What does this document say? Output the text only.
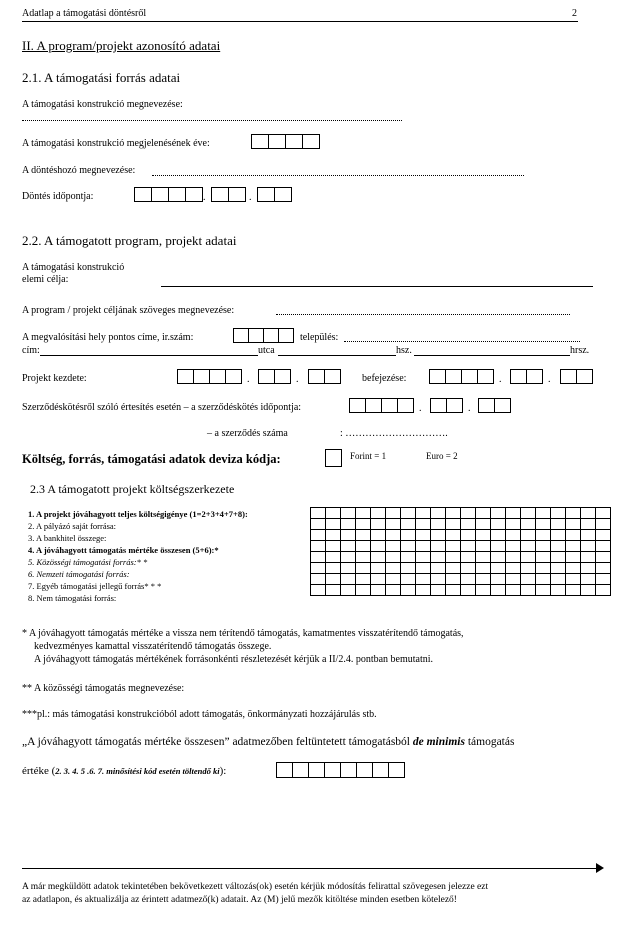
Adatlap a támogatási döntésről	2
II. A program/projekt azonosító adatai
2.1. A támogatási forrás adatai
A támogatási konstrukció megnevezése:
A támogatási konstrukció megjelenésének éve:
A döntéshozó megnevezése:
Döntés időpontja:	.	.
2.2. A támogatott program, projekt adatai
A támogatási konstrukció
elemi célja:
A program / projekt céljának szöveges megnevezése:
A megvalósítási hely pontos címe, ir.szám:	település:
cím:	utca	hsz.	hrsz.
Projekt kezdete:	.	.	befejezése:	.	.
Szerződéskötésről szóló értesítés esetén – a szerződéskötés időpontja:	.	.
– a szerződés száma	: ………………………….
Költség, forrás, támogatási adatok deviza kódja:	Forint = 1	Euro = 2
2.3 A támogatott projekt költségszerkezete
1. A projekt jóváhagyott teljes költségigénye (1=2+3+4+7+8):
2. A pályázó saját forrása:
3. A bankhitel összege:
4. A jóváhagyott támogatás mértéke összesen (5+6):*
5. Közösségi támogatási forrás:* *
6. Nemzeti támogatási forrás:
7. Egyéb támogatási jellegű forrás* * *
8. Nem támogatási forrás:

* A jóváhagyott támogatás mértéke a vissza nem térítendő támogatás, kamatmentes visszatérítendő támogatás,
kedvezményes kamattal visszatérítendő támogatás összege.
A jóváhagyott támogatás mértékének forrásonkénti részletezését kérjük a II/2.4. pontban bemutatni.
** A közösségi támogatás megnevezése:
***pl.: más támogatási konstrukcióból adott támogatás, önkormányzati hozzájárulás stb.
„A jóváhagyott támogatás mértéke összesen” adatmezőben feltüntetett támogatásból de minimis támogatás
értéke (2. 3. 4. 5 .6. 7. minősítési kód esetén töltendő ki):
A már megküldött adatok tekintetében bekövetkezett változás(ok) esetén kérjük módosítás felirattal szövegesen jelezze ezt
az adatlapon, és aktualizálja az érintett adatmező(k) adatait. Az (M) jelű mezők kitöltése minden esetben kötelező!
